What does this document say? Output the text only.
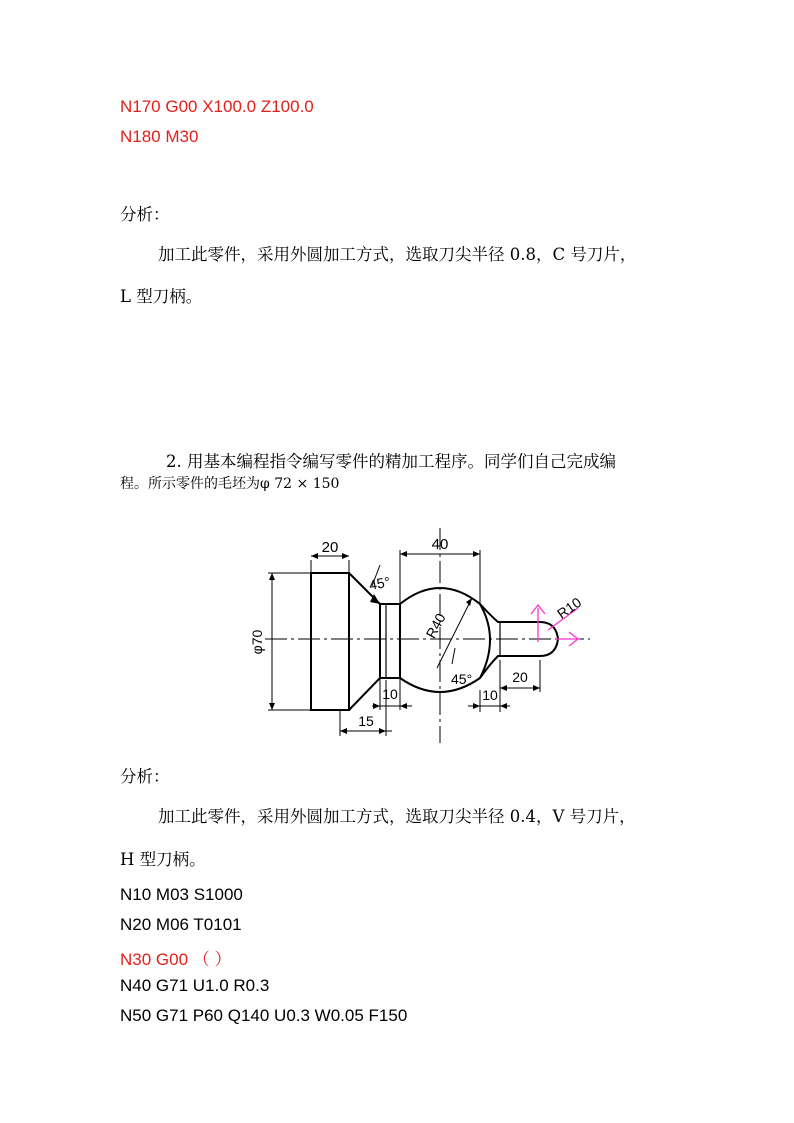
N170 G00 X100.0 Z100.0
N180 M30
分析：
加工此零件，采用外圆加工方式，选取刀尖半径 0.8，C 号刀片，
L 型刀柄。
2. 用基本编程指令编写零件的精加工程序。同学们自己完成编
程。所示零件的毛坯为φ 72 × 150
20	40
45°
φ70
R40
R10
45°
10
15
10
20
分析：
加工此零件，采用外圆加工方式，选取刀尖半径 0.4，V 号刀片，
H 型刀柄。
N10 M03 S1000
N20 M06 T0101
N30 G00 （ ）
N40 G71 U1.0 R0.3
N50 G71 P60 Q140 U0.3 W0.05 F150
